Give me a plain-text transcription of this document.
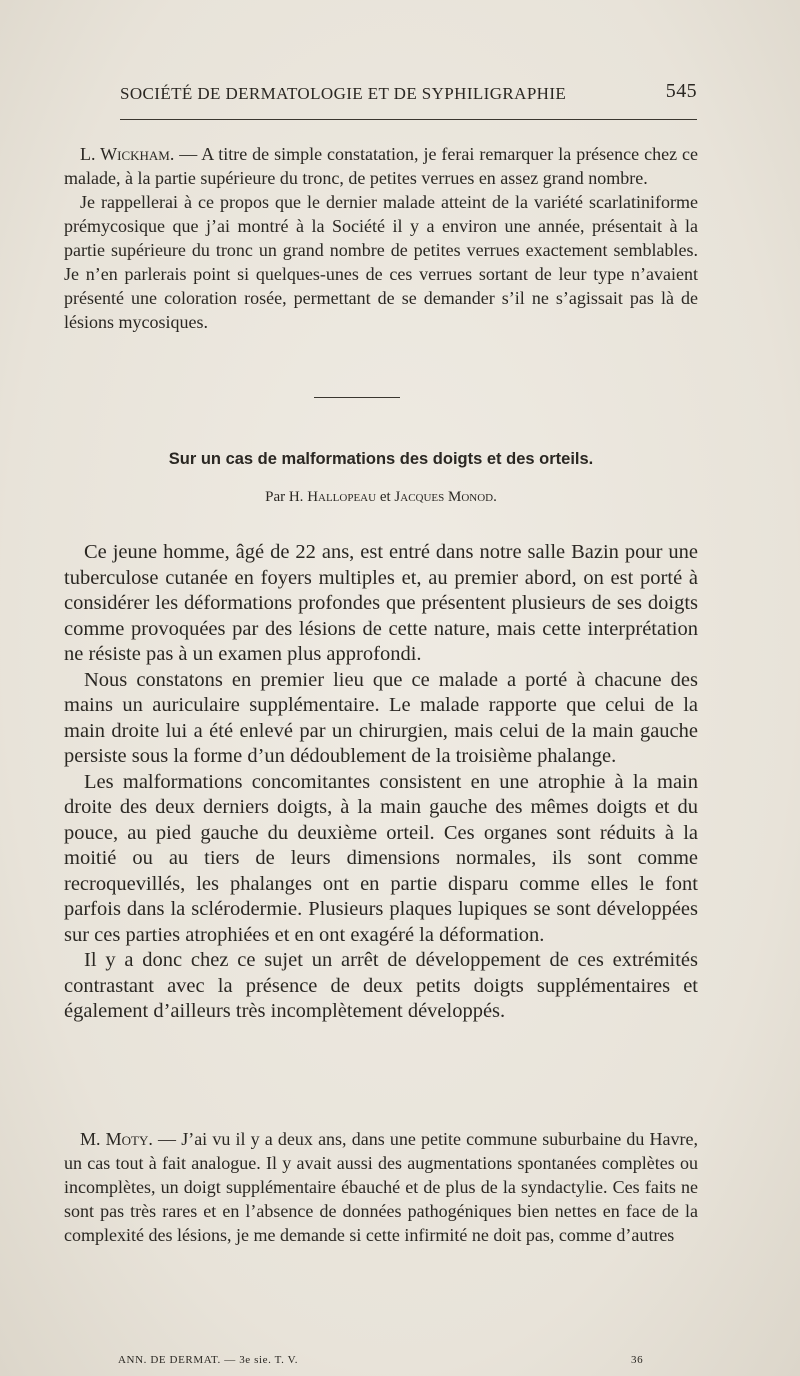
SOCIÉTÉ DE DERMATOLOGIE ET DE SYPHILIGRAPHIE	545

L. Wickham. — A titre de simple constatation, je ferai remarquer la présence chez ce malade, à la partie supérieure du tronc, de petites verrues en assez grand nombre.

Je rappellerai à ce propos que le dernier malade atteint de la variété scarlatiniforme prémycosique que j’ai montré à la Société il y a environ une année, présentait à la partie supérieure du tronc un grand nombre de petites verrues exactement semblables. Je n’en parlerais point si quelques-unes de ces verrues sortant de leur type n’avaient présenté une coloration rosée, permettant de se demander s’il ne s’agissait pas là de lésions mycosiques.

Sur un cas de malformations des doigts et des orteils.
Par H. Hallopeau et Jacques Monod.

Ce jeune homme, âgé de 22 ans, est entré dans notre salle Bazin pour une tuberculose cutanée en foyers multiples et, au premier abord, on est porté à considérer les déformations profondes que présentent plusieurs de ses doigts comme provoquées par des lésions de cette nature, mais cette interprétation ne résiste pas à un examen plus approfondi.

Nous constatons en premier lieu que ce malade a porté à chacune des mains un auriculaire supplémentaire. Le malade rapporte que celui de la main droite lui a été enlevé par un chirurgien, mais celui de la main gauche persiste sous la forme d’un dédoublement de la troisième phalange.

Les malformations concomitantes consistent en une atrophie à la main droite des deux derniers doigts, à la main gauche des mêmes doigts et du pouce, au pied gauche du deuxième orteil. Ces organes sont réduits à la moitié ou au tiers de leurs dimensions normales, ils sont comme recroquevillés, les phalanges ont en partie disparu comme elles le font parfois dans la sclérodermie. Plusieurs plaques lupiques se sont développées sur ces parties atrophiées et en ont exagéré la déformation.

Il y a donc chez ce sujet un arrêt de développement de ces extrémités contrastant avec la présence de deux petits doigts supplémentaires et également d’ailleurs très incomplètement développés.

M. Moty. — J’ai vu il y a deux ans, dans une petite commune suburbaine du Havre, un cas tout à fait analogue. Il y avait aussi des augmentations spontanées complètes ou incomplètes, un doigt supplémentaire ébauché et de plus de la syndactylie. Ces faits ne sont pas très rares et en l’absence de données pathogéniques bien nettes en face de la complexité des lésions, je me demande si cette infirmité ne doit pas, comme d’autres

ANN. DE DERMAT. — 3e sie. T. V.	36
